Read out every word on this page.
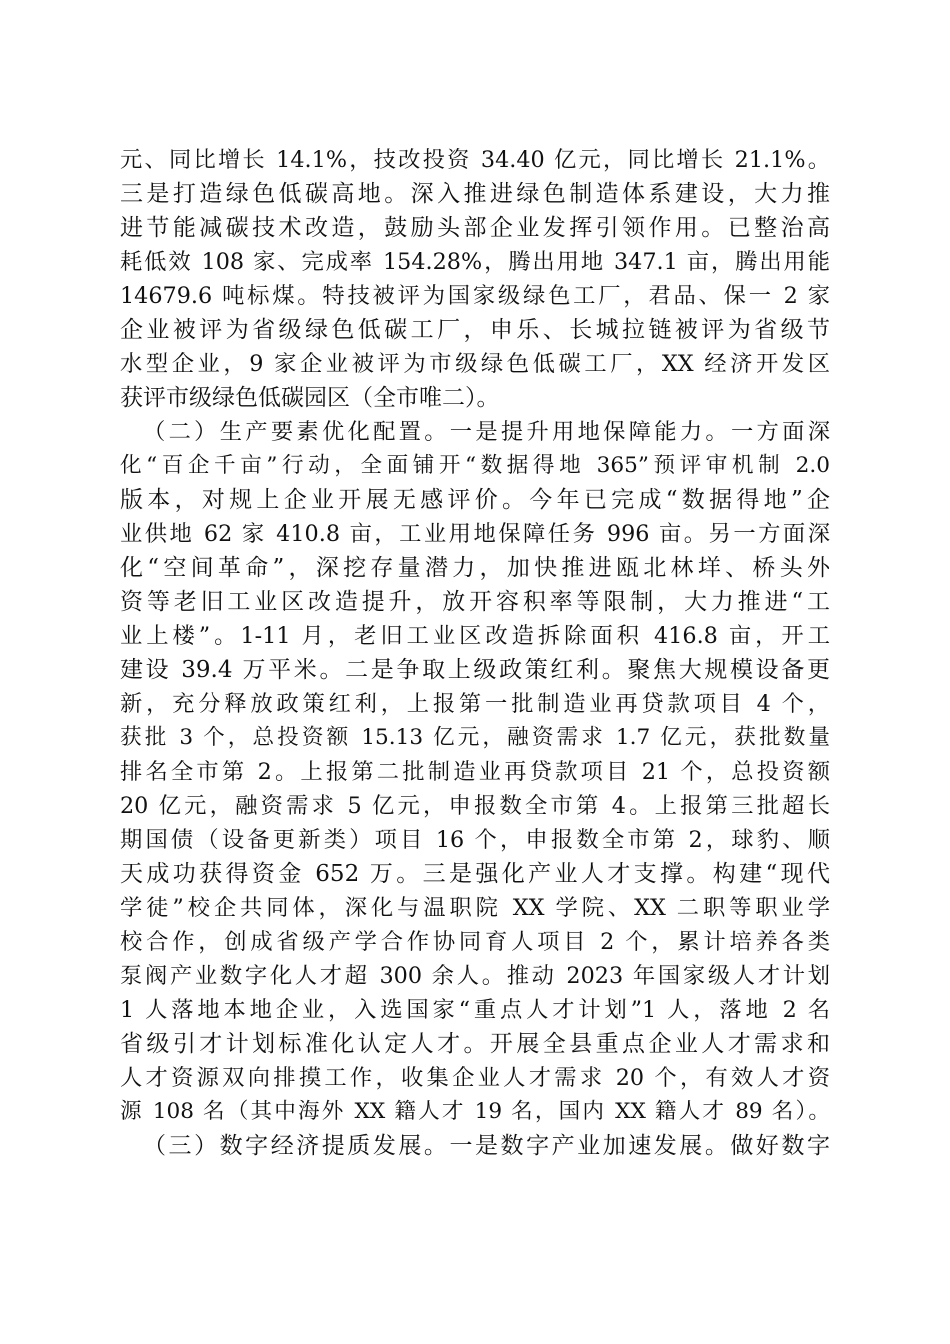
元、同比增长 14.1%，技改投资 34.40 亿元，同比增长 21.1%。
三是打造绿色低碳高地。深入推进绿色制造体系建设，大力推
进节能减碳技术改造，鼓励头部企业发挥引领作用。已整治高
耗低效 108 家、完成率 154.28%，腾出用地 347.1 亩，腾出用能
14679.6 吨标煤。特技被评为国家级绿色工厂，君品、保一 2 家
企业被评为省级绿色低碳工厂，申乐、长城拉链被评为省级节
水型企业，9 家企业被评为市级绿色低碳工厂，XX 经济开发区
获评市级绿色低碳园区（全市唯二）。
（二）生产要素优化配置。一是提升用地保障能力。一方面深
化“百企千亩”行动，全面铺开“数据得地 365”预评审机制 2.0
版本，对规上企业开展无感评价。今年已完成“数据得地”企
业供地 62 家 410.8 亩，工业用地保障任务 996 亩。另一方面深
化“空间革命”，深挖存量潜力，加快推进瓯北林垟、桥头外
资等老旧工业区改造提升，放开容积率等限制，大力推进“工
业上楼”。1-11 月，老旧工业区改造拆除面积 416.8 亩，开工
建设 39.4 万平米。二是争取上级政策红利。聚焦大规模设备更
新，充分释放政策红利，上报第一批制造业再贷款项目 4 个，
获批 3 个，总投资额 15.13 亿元，融资需求 1.7 亿元，获批数量
排名全市第 2。上报第二批制造业再贷款项目 21 个，总投资额
20 亿元，融资需求 5 亿元，申报数全市第 4。上报第三批超长
期国债（设备更新类）项目 16 个，申报数全市第 2，球豹、顺
天成功获得资金 652 万。三是强化产业人才支撑。构建“现代
学徒”校企共同体，深化与温职院 XX 学院、XX 二职等职业学
校合作，创成省级产学合作协同育人项目 2 个，累计培养各类
泵阀产业数字化人才超 300 余人。推动 2023 年国家级人才计划
1 人落地本地企业，入选国家“重点人才计划”1 人，落地 2 名
省级引才计划标准化认定人才。开展全县重点企业人才需求和
人才资源双向排摸工作，收集企业人才需求 20 个，有效人才资
源 108 名（其中海外 XX 籍人才 19 名，国内 XX 籍人才 89 名）。
（三）数字经济提质发展。一是数字产业加速发展。做好数字
